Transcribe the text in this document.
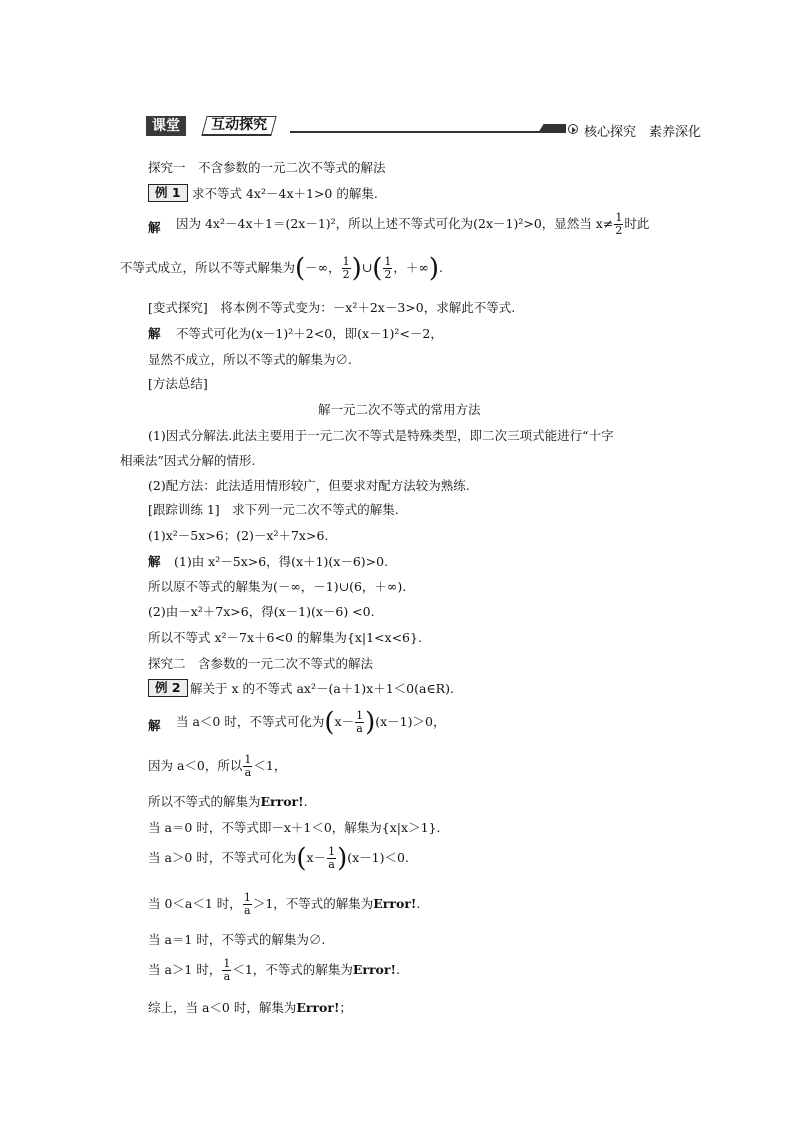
课堂	互动探究	核心探究　素养深化
探究一　不含参数的一元二次不等式的解法
例 1 求不等式 4x²－4x＋1>0 的解集.
解 因为 4x²－4x＋1＝(2x－1)²，所以上述不等式可化为(2x－1)²>0，显然当 $x\ne \frac{1}{2}$ 时此
不等式成立，所以不等式解集为(－∞， $\frac{1}{2}$ )∪( $\frac{1}{2}$ ，＋∞).
[变式探究]　 将本例不等式变为：－x²＋2x－3>0，求解此不等式.
解 不等式可化为(x－1)²＋2<0，即(x－1)²<－2，
显然不成立，所以不等式的解集为∅.
[方法总结]
解一元二次不等式的常用方法
(1)因式分解法.此法主要用于一元二次不等式是特殊类型，即二次三项式能进行“十字
相乘法”因式分解的情形.
(2)配方法：此法适用情形较广，但要求对配方法较为熟练.
[跟踪训练 1]　 求下列一元二次不等式的解集.
(1)x²－5x>6；(2)－x²＋7x>6.
解 (1)由 x²－5x>6，得(x＋1)(x－6)>0.
所以原不等式的解集为(－∞，－1)∪(6，＋∞).
(2)由－x²＋7x>6，得(x－1)(x－6) <0.
所以不等式 x²－7x＋6<0 的解集为{x|1<x<6}.
探究二　含参数的一元二次不等式的解法
例 2 解关于 x 的不等式 ax²－(a＋1)x＋1＜0(a∈R).
解 当 a＜0 时，不等式可化为$(x- \frac{1}{a} )(x-1)>0$，
因为 a＜0，所以 $\frac{1}{a} <1$，
所以不等式的解集为Error!.
当 a＝0 时，不等式即－x＋1＜0，解集为{x|x＞1}.
当 a＞0 时，不等式可化为$(x- \frac{1}{a} )(x-1)<0$.
当 0＜a＜1 时， $\frac{1}{a} >1$，不等式的解集为Error!.
当 a＝1 时，不等式的解集为∅.
当 a＞1 时， $\frac{1}{a} <1$，不等式的解集为Error!.
综上，当 a＜0 时，解集为Error!；
